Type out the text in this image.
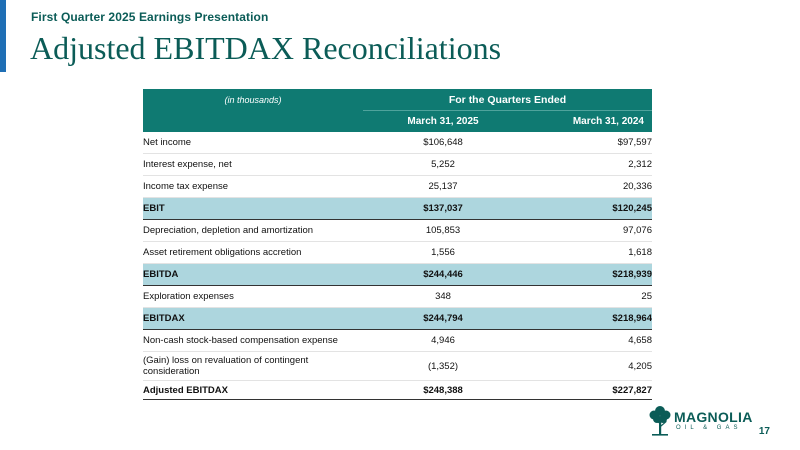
First Quarter 2025 Earnings Presentation
Adjusted EBITDAX Reconciliations
(in thousands)	For the Quarters Ended	
	March 31, 2025	March 31, 2024
Net income	$106,648	$97,597
Interest expense, net	5,252	2,312
Income tax expense	25,137	20,336
EBIT	$137,037	$120,245
Depreciation, depletion and amortization	105,853	97,076
Asset retirement obligations accretion	1,556	1,618
EBITDA	$244,446	$218,939
Exploration expenses	348	25
EBITDAX	$244,794	$218,964
Non-cash stock-based compensation expense	4,946	4,658
(Gain) loss on revaluation of contingent consideration	(1,352)	4,205
Adjusted EBITDAX	$248,388	$227,827
MAGNOLIA
OIL & GAS 17
